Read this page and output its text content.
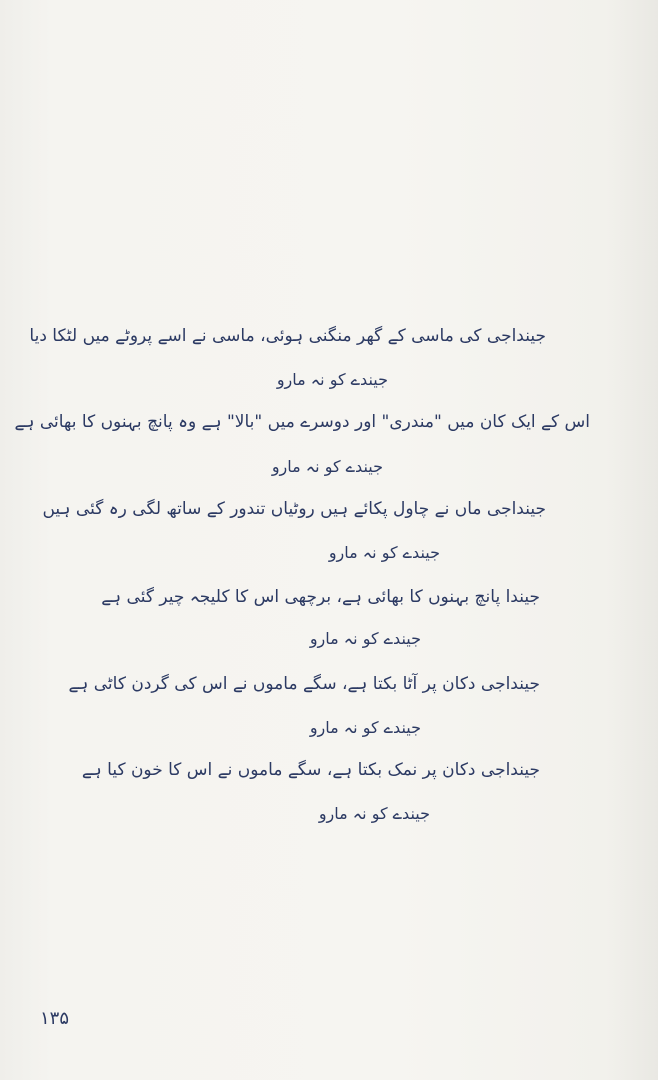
جینداجی کی ماسی کے گھر منگنی ہوئی، ماسی نے اسے پروٹے میں لٹکا دیا
جیندے کو نہ مارو
اس کے ایک کان میں "مندری" اور دوسرے میں "بالا" ہے وہ پانچ بہنوں کا بھائی ہے
جیندے کو نہ مارو
جینداجی ماں نے چاول پکائے ہیں روٹیاں تندور کے ساتھ لگی رہ گئی ہیں
جیندے کو نہ مارو
جیندا پانچ بہنوں کا بھائی ہے، برچھی اس کا کلیجہ چیر گئی ہے
جیندے کو نہ مارو
جینداجی دکان پر آٹا بکتا ہے، سگے ماموں نے اس کی گردن کاٹی ہے
جیندے کو نہ مارو
جینداجی دکان پر نمک بکتا ہے، سگے ماموں نے اس کا خون کیا ہے
جیندے کو نہ مارو
۱۳۵
